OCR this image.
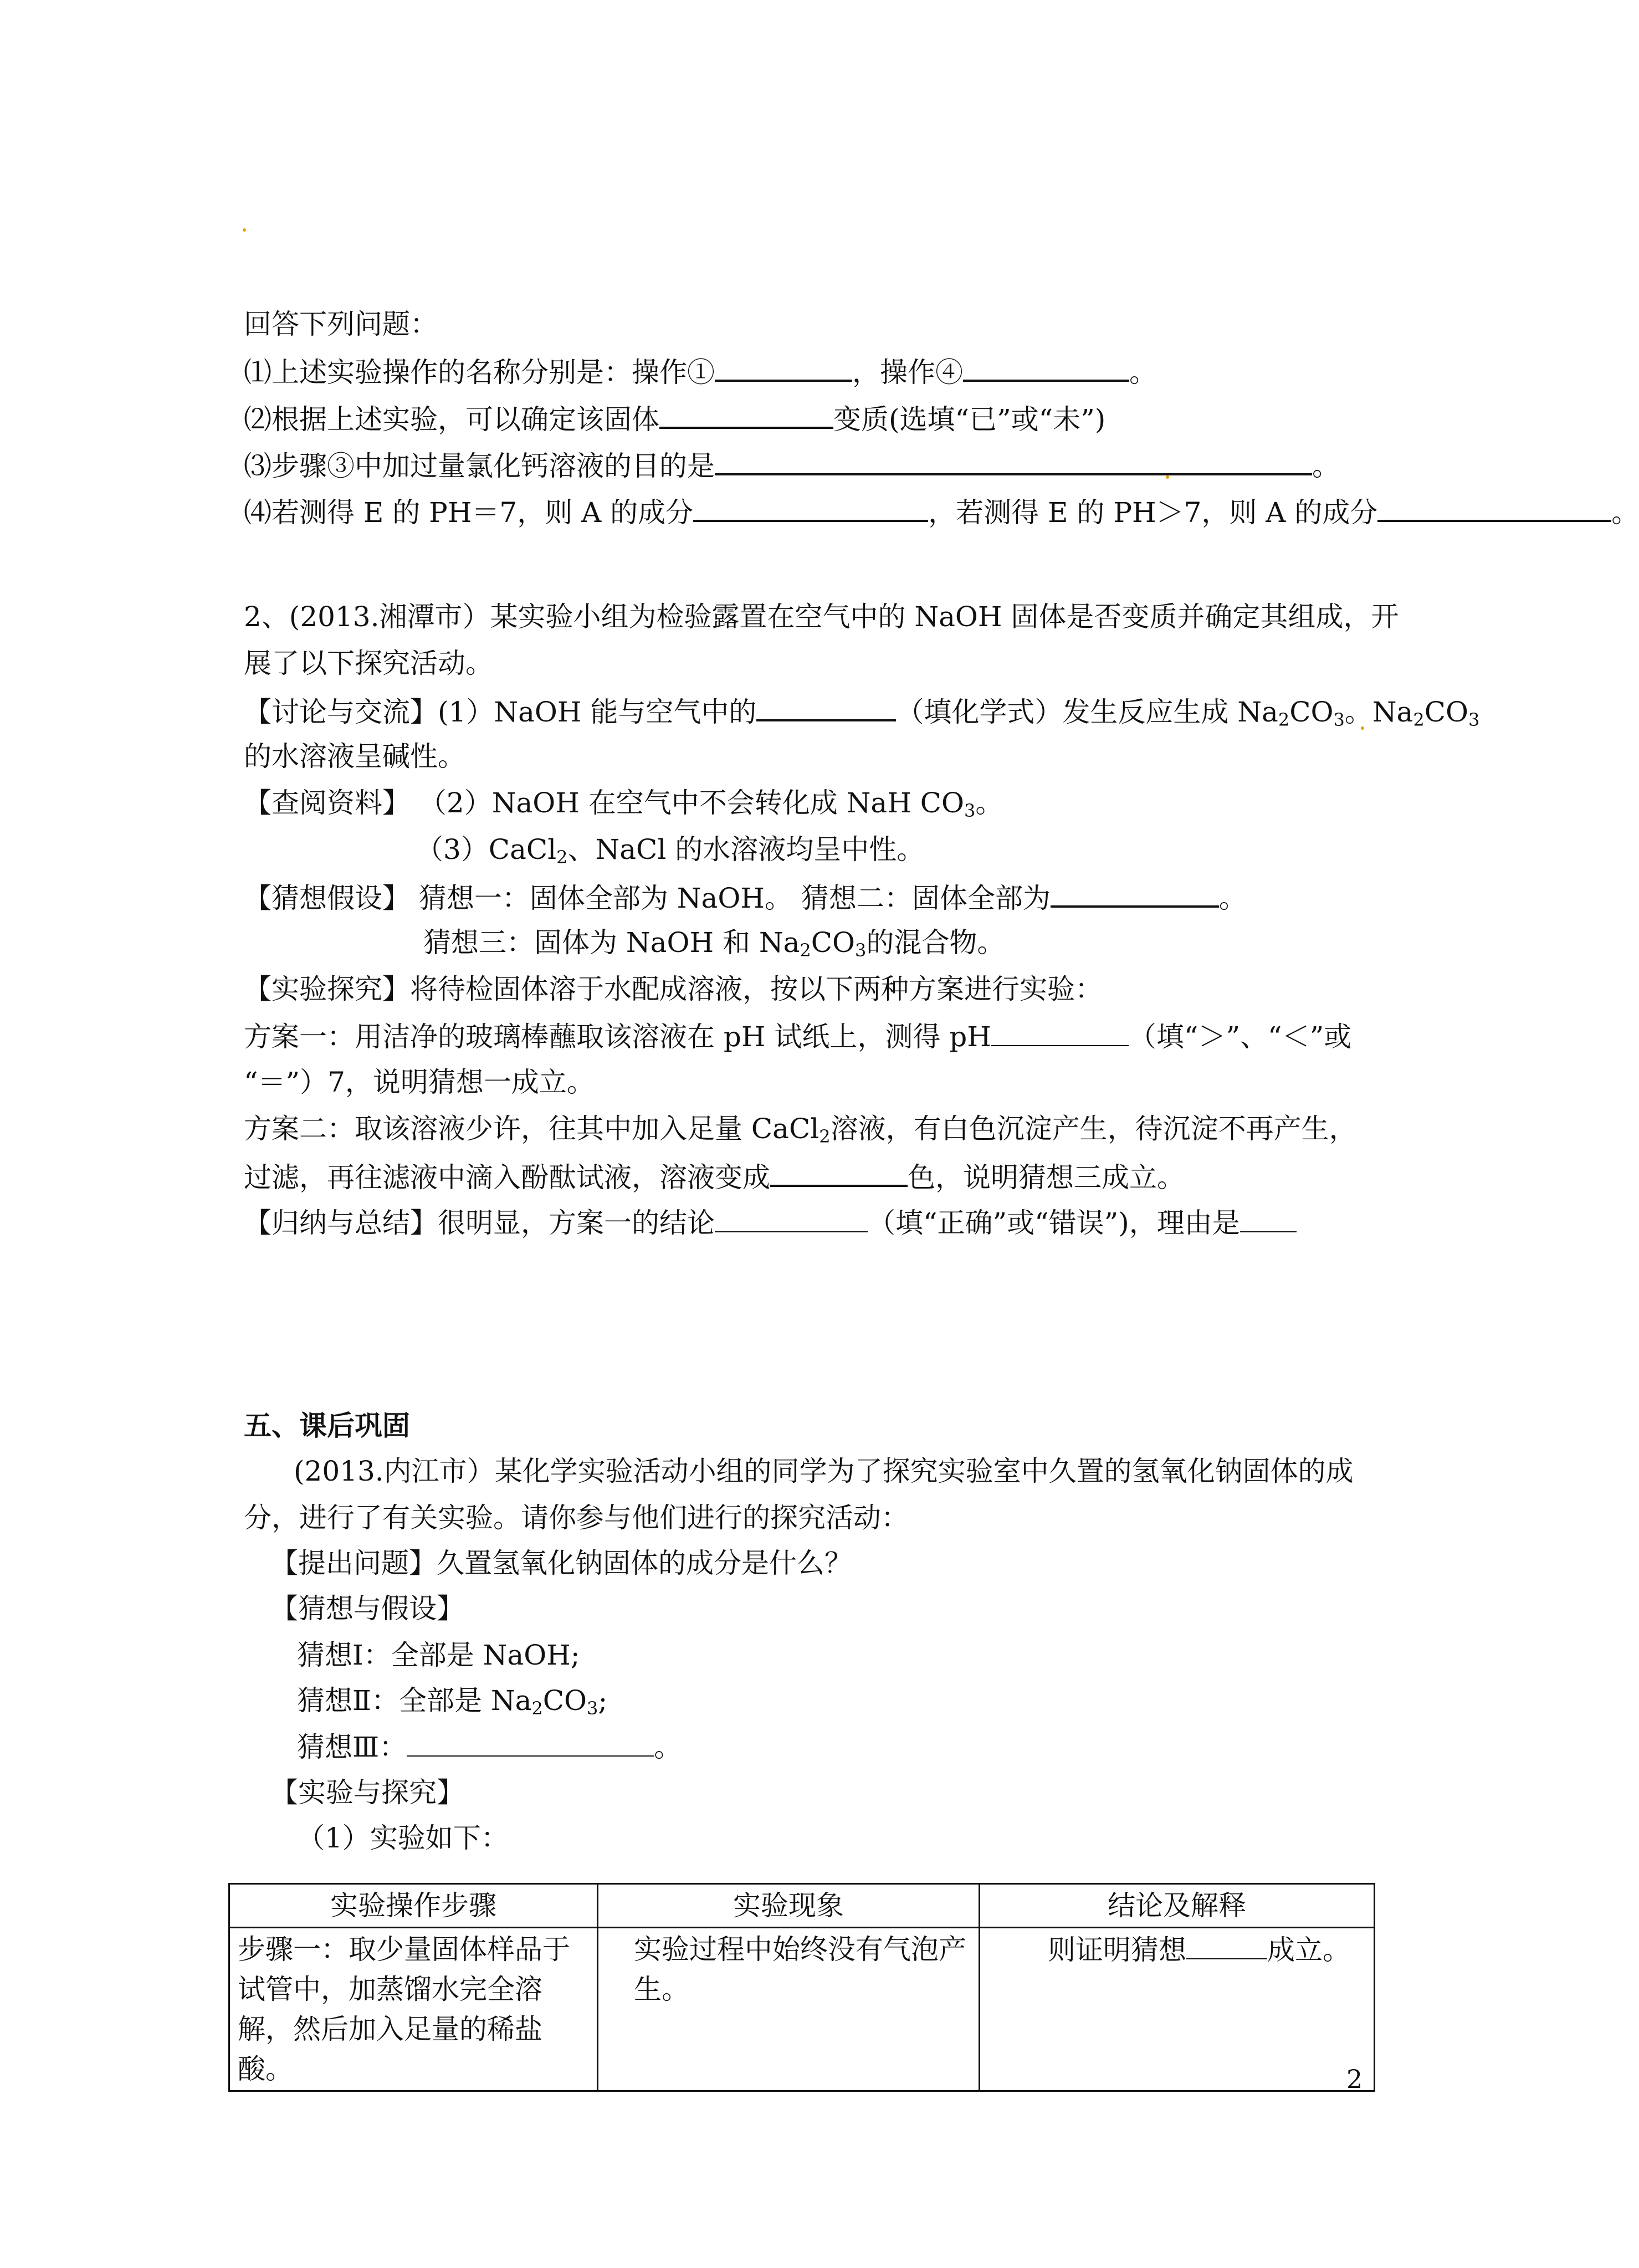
回答下列问题：
⑴上述实验操作的名称分别是：操作①	，操作④	。
⑵根据上述实验，可以确定该固体	变质(选填“已”或“未”)
⑶步骤③中加过量氯化钙溶液的目的是	。
⑷若测得 E 的 PH＝7，则 A 的成分	，若测得 E 的 PH＞7，则 A 的成分	。
2、(2013.湘潭市）某实验小组为检验露置在空气中的 NaOH 固体是否变质并确定其组成，开
展了以下探究活动。
【讨论与交流】(1）NaOH 能与空气中的	（填化学式）发生反应生成 $Na_2CO_3$。$Na_2CO_3$
的水溶液呈碱性。
【查阅资料】 （2）NaOH 在空气中不会转化成 NaH $CO_3$。
（3）CaCl$_2$、NaCl 的水溶液均呈中性。
【猜想假设】 猜想一：固体全部为 NaOH。 猜想二：固体全部为	。
猜想三：固体为 NaOH 和 $Na_2CO_3$的混合物。
【实验探究】将待检固体溶于水配成溶液，按以下两种方案进行实验：
方案一：用洁净的玻璃棒蘸取该溶液在 pH 试纸上，测得 pH	（填“＞”、“＜”或
“＝”）7，说明猜想一成立。
方案二：取该溶液少许，往其中加入足量 CaCl$_2$溶液，有白色沉淀产生，待沉淀不再产生，
过滤，再往滤液中滴入酚酞试液，溶液变成	色，说明猜想三成立。
【归纳与总结】很明显，方案一的结论	（填“正确”或“错误”)，理由是
五、课后巩固
(2013.内江市）某化学实验活动小组的同学为了探究实验室中久置的氢氧化钠固体的成
分，进行了有关实验。请你参与他们进行的探究活动：
【提出问题】久置氢氧化钠固体的成分是什么？
【猜想与假设】
猜想Ⅰ：全部是 NaOH;
猜想Ⅱ：全部是 $Na_2CO_3$;
猜想Ⅲ：	。
【实验与探究】
（1）实验如下：
实验操作步骤	实验现象	结论及解释
步骤一：取少量固体样品于试管中，加蒸馏水完全溶解，然后加入足量的稀盐酸。	实验过程中始终没有气泡产生。	则证明猜想 成立。
2
